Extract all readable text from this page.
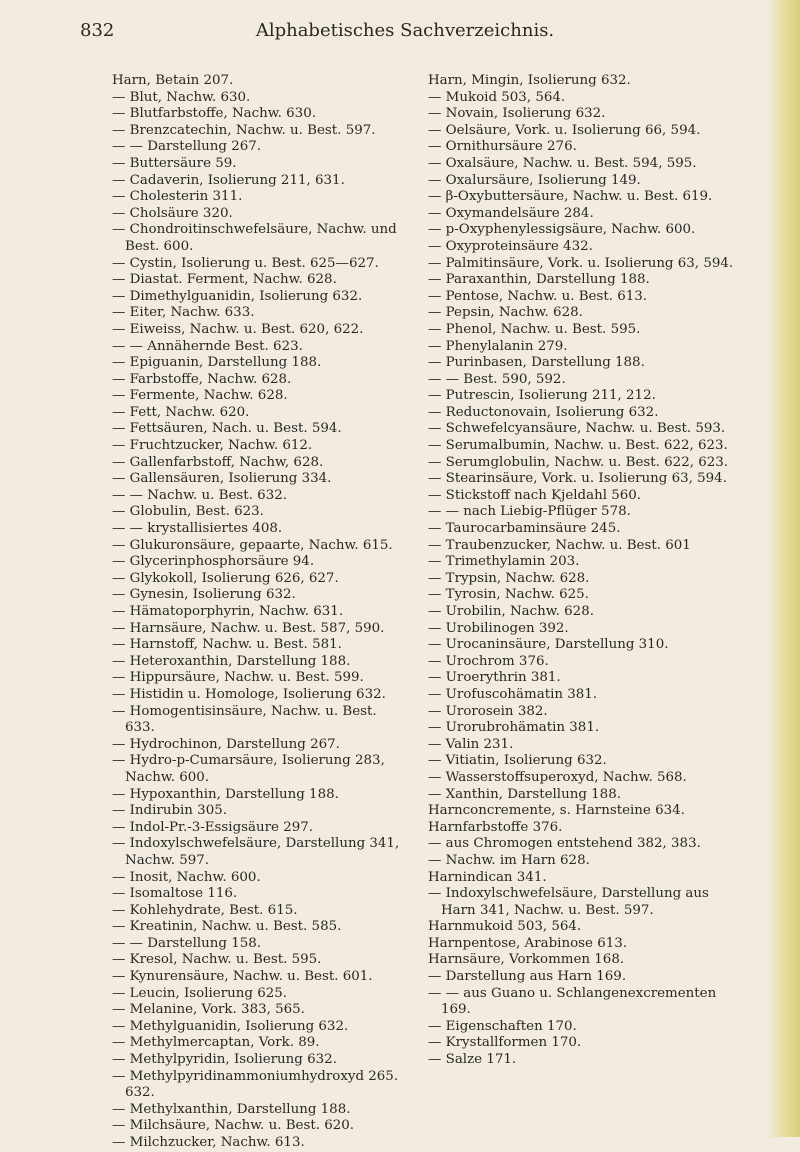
832	Alphabetisches Sachverzeichnis.
Harn, Betain 207.
— Blut, Nachw. 630.
— Blutfarbstoffe, Nachw. 630.
— Brenzcatechin, Nachw. u. Best. 597.
— — Darstellung 267.
— Buttersäure 59.
— Cadaverin, Isolierung 211, 631.
— Cholesterin 311.
— Cholsäure 320.
— Chondroitinschwefelsäure, Nachw. und Best. 600.
— Cystin, Isolierung u. Best. 625—627.
— Diastat. Ferment, Nachw. 628.
— Dimethylguanidin, Isolierung 632.
— Eiter, Nachw. 633.
— Eiweiss, Nachw. u. Best. 620, 622.
— — Annähernde Best. 623.
— Epiguanin, Darstellung 188.
— Farbstoffe, Nachw. 628.
— Fermente, Nachw. 628.
— Fett, Nachw. 620.
— Fettsäuren, Nach. u. Best. 594.
— Fruchtzucker, Nachw. 612.
— Gallenfarbstoff, Nachw, 628.
— Gallensäuren, Isolierung 334.
— — Nachw. u. Best. 632.
— Globulin, Best. 623.
— — krystallisiertes 408.
— Glukuronsäure, gepaarte, Nachw. 615.
— Glycerinphosphorsäure 94.
— Glykokoll, Isolierung 626, 627.
— Gynesin, Isolierung 632.
— Hämatoporphyrin, Nachw. 631.
— Harnsäure, Nachw. u. Best. 587, 590.
— Harnstoff, Nachw. u. Best. 581.
— Heteroxanthin, Darstellung 188.
— Hippursäure, Nachw. u. Best. 599.
— Histidin u. Homologe, Isolierung 632.
— Homogentisinsäure, Nachw. u. Best. 633.
— Hydrochinon, Darstellung 267.
— Hydro-p-Cumarsäure, Isolierung 283, Nachw. 600.
— Hypoxanthin, Darstellung 188.
— Indirubin 305.
— Indol-Pr.-3-Essigsäure 297.
— Indoxylschwefelsäure, Darstellung 341, Nachw. 597.
— Inosit, Nachw. 600.
— Isomaltose 116.
— Kohlehydrate, Best. 615.
— Kreatinin, Nachw. u. Best. 585.
— — Darstellung 158.
— Kresol, Nachw. u. Best. 595.
— Kynurensäure, Nachw. u. Best. 601.
— Leucin, Isolierung 625.
— Melanine, Vork. 383, 565.
— Methylguanidin, Isolierung 632.
— Methylmercaptan, Vork. 89.
— Methylpyridin, Isolierung 632.
— Methylpyridinammoniumhydroxyd 265. 632.
— Methylxanthin, Darstellung 188.
— Milchsäure, Nachw. u. Best. 620.
— Milchzucker, Nachw. 613.
Harn, Mingin, Isolierung 632.
— Mukoid 503, 564.
— Novain, Isolierung 632.
— Oelsäure, Vork. u. Isolierung 66, 594.
— Ornithursäure 276.
— Oxalsäure, Nachw. u. Best. 594, 595.
— Oxalursäure, Isolierung 149.
— β-Oxybuttersäure, Nachw. u. Best. 619.
— Oxymandelsäure 284.
— p-Oxyphenylessigsäure, Nachw. 600.
— Oxyproteinsäure 432.
— Palmitinsäure, Vork. u. Isolierung 63, 594.
— Paraxanthin, Darstellung 188.
— Pentose, Nachw. u. Best. 613.
— Pepsin, Nachw. 628.
— Phenol, Nachw. u. Best. 595.
— Phenylalanin 279.
— Purinbasen, Darstellung 188.
— — Best. 590, 592.
— Putrescin, Isolierung 211, 212.
— Reductonovain, Isolierung 632.
— Schwefelcyansäure, Nachw. u. Best. 593.
— Serumalbumin, Nachw. u. Best. 622, 623.
— Serumglobulin, Nachw. u. Best. 622, 623.
— Stearinsäure, Vork. u. Isolierung 63, 594.
— Stickstoff nach Kjeldahl 560.
— — nach Liebig-Pflüger 578.
— Taurocarbaminsäure 245.
— Traubenzucker, Nachw. u. Best. 601
— Trimethylamin 203.
— Trypsin, Nachw. 628.
— Tyrosin, Nachw. 625.
— Urobilin, Nachw. 628.
— Urobilinogen 392.
— Urocaninsäure, Darstellung 310.
— Urochrom 376.
— Uroerythrin 381.
— Urofuscohämatin 381.
— Urorosein 382.
— Urorubrohämatin 381.
— Valin 231.
— Vitiatin, Isolierung 632.
— Wasserstoffsuperoxyd, Nachw. 568.
— Xanthin, Darstellung 188.
Harnconcremente, s. Harnsteine 634.
Harnfarbstoffe 376.
— aus Chromogen entstehend 382, 383.
— Nachw. im Harn 628.
Harnindican 341.
— Indoxylschwefelsäure, Darstellung aus Harn 341, Nachw. u. Best. 597.
Harnmukoid 503, 564.
Harnpentose, Arabinose 613.
Harnsäure, Vorkommen 168.
— Darstellung aus Harn 169.
— — aus Guano u. Schlangenexcrementen 169.
— Eigenschaften 170.
— Krystallformen 170.
— Salze 171.
